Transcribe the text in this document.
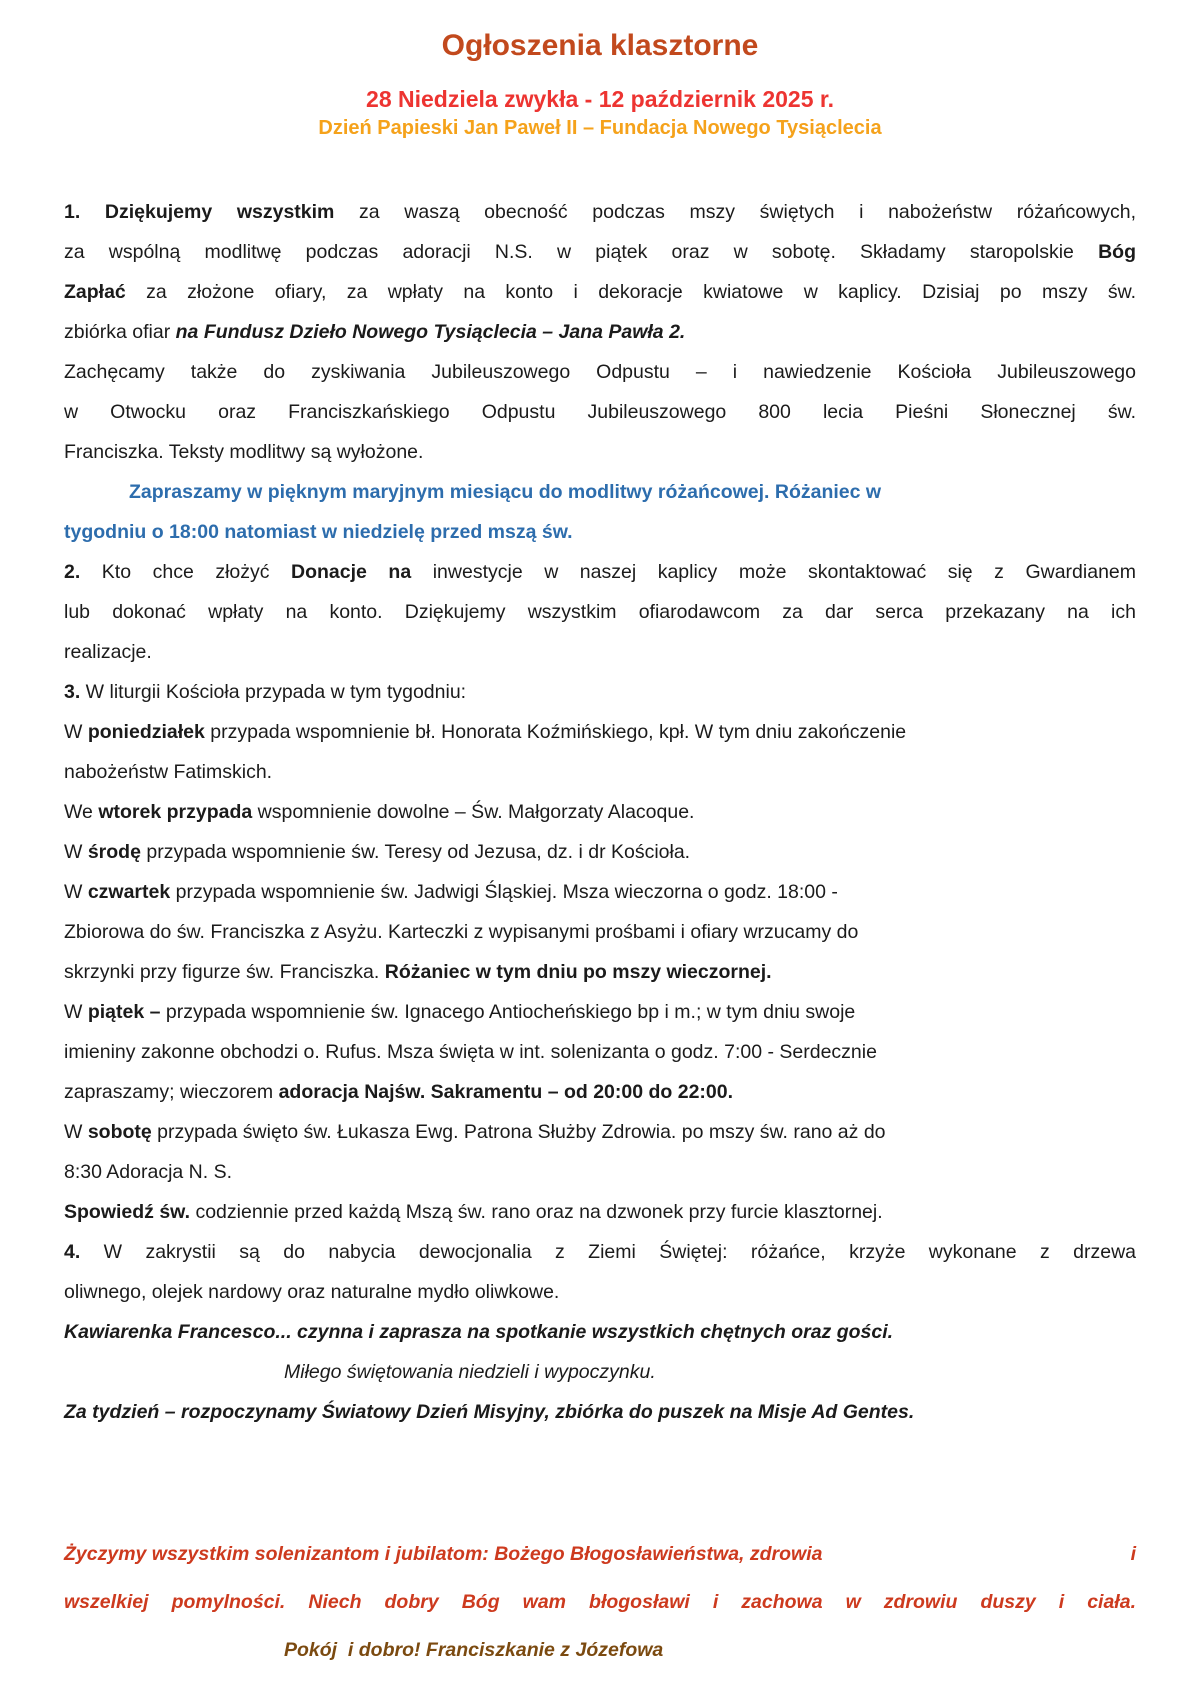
Ogłoszenia klasztorne
28 Niedziela zwykła - 12 październik 2025 r.
Dzień Papieski Jan Paweł II – Fundacja Nowego Tysiąclecia
1. Dziękujemy wszystkim za waszą obecność podczas mszy świętych i nabożeństw różańcowych,
za wspólną modlitwę podczas adoracji N.S. w piątek oraz w sobotę. Składamy staropolskie Bóg
Zapłać za złożone ofiary, za wpłaty na konto i dekoracje kwiatowe w kaplicy. Dzisiaj po mszy św.
zbiórka ofiar na Fundusz Dzieło Nowego Tysiąclecia – Jana Pawła 2.
Zachęcamy także do zyskiwania Jubileuszowego Odpustu – i nawiedzenie Kościoła Jubileuszowego
w Otwocku oraz Franciszkańskiego Odpustu Jubileuszowego 800 lecia Pieśni Słonecznej św.
Franciszka. Teksty modlitwy są wyłożone.
Zapraszamy w pięknym maryjnym miesiącu do modlitwy różańcowej. Różaniec w
tygodniu o 18:00 natomiast w niedzielę przed mszą św.
2. Kto chce złożyć Donacje na inwestycje w naszej kaplicy może skontaktować się z Gwardianem
lub dokonać wpłaty na konto. Dziękujemy wszystkim ofiarodawcom za dar serca przekazany na ich
realizacje.
3. W liturgii Kościoła przypada w tym tygodniu:
W poniedziałek przypada wspomnienie bł. Honorata Koźmińskiego, kpł. W tym dniu zakończenie
nabożeństw Fatimskich.
We wtorek przypada wspomnienie dowolne – Św. Małgorzaty Alacoque.
W środę przypada wspomnienie św. Teresy od Jezusa, dz. i dr Kościoła.
W czwartek przypada wspomnienie św. Jadwigi Śląskiej. Msza wieczorna o godz. 18:00 -
Zbiorowa do św. Franciszka z Asyżu. Karteczki z wypisanymi prośbami i ofiary wrzucamy do
skrzynki przy figurze św. Franciszka. Różaniec w tym dniu po mszy wieczornej.
W piątek – przypada wspomnienie św. Ignacego Antiocheńskiego bp i m.; w tym dniu swoje
imieniny zakonne obchodzi o. Rufus. Msza święta w int. solenizanta o godz. 7:00 - Serdecznie
zapraszamy; wieczorem adoracja Najśw. Sakramentu – od 20:00 do 22:00.
W sobotę przypada święto św. Łukasza Ewg. Patrona Służby Zdrowia. po mszy św. rano aż do
8:30 Adoracja N. S.
Spowiedź św. codziennie przed każdą Mszą św. rano oraz na dzwonek przy furcie klasztornej.
4. W zakrystii są do nabycia dewocjonalia z Ziemi Świętej: różańce, krzyże wykonane z drzewa
oliwnego, olejek nardowy oraz naturalne mydło oliwkowe.
Kawiarenka Francesco... czynna i zaprasza na spotkanie wszystkich chętnych oraz gości.
Miłego świętowania niedzieli i wypoczynku.
Za tydzień – rozpoczynamy Światowy Dzień Misyjny, zbiórka do puszek na Misje Ad Gentes.
Życzymy wszystkim solenizantom i jubilatom: Bożego Błogosławieństwa, zdrowia	i
wszelkiej pomylności. Niech dobry Bóg wam błogosławi i zachowa w zdrowiu duszy i ciała.
Pokój  i dobro! Franciszkanie z Józefowa
